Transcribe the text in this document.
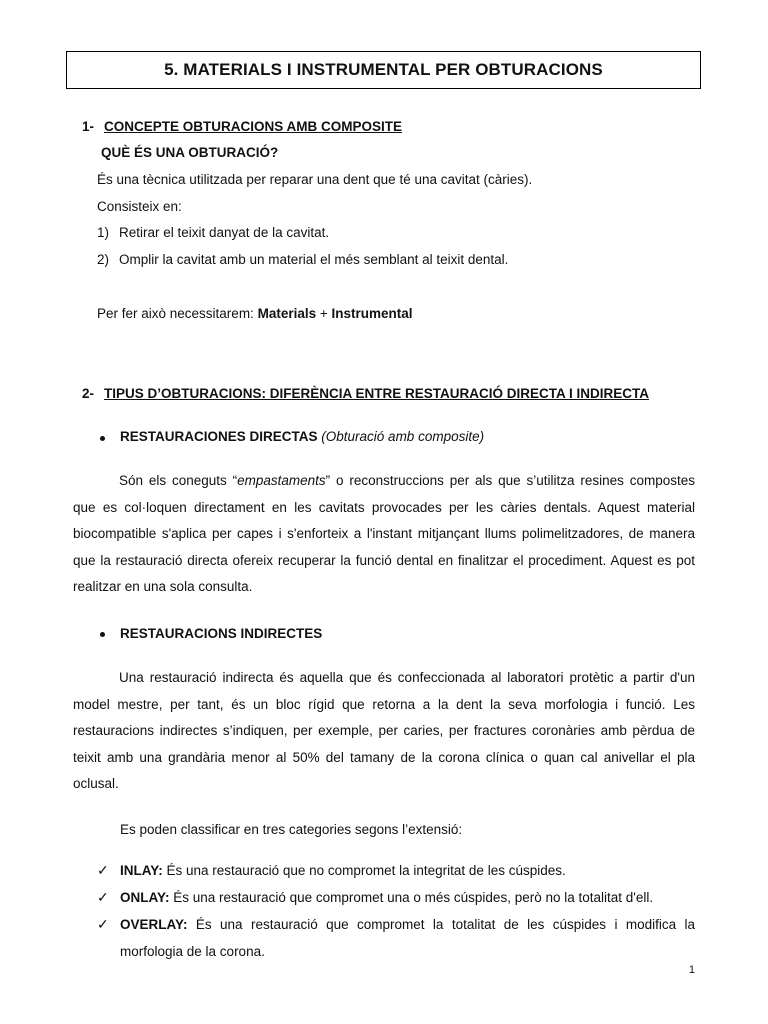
5. MATERIALS I INSTRUMENTAL PER OBTURACIONS
1- CONCEPTE OBTURACIONS AMB COMPOSITE
QUÈ ÉS UNA OBTURACIÓ?
És una tècnica utilitzada per reparar una dent que té una cavitat (càries).
Consisteix en:
1) Retirar el teixit danyat de la cavitat.
2) Omplir la cavitat amb un material el més semblant al teixit dental.
Per fer això necessitarem: Materials + Instrumental
2- TIPUS D’OBTURACIONS: DIFERÈNCIA ENTRE RESTAURACIÓ DIRECTA I INDIRECTA
RESTAURACIONES DIRECTAS (Obturació amb composite)
Són els coneguts “empastaments” o reconstruccions per als que s’utilitza resines compostes que es col·loquen directament en les cavitats provocades per les càries dentals. Aquest material biocompatible s'aplica per capes i s'enforteix a l'instant mitjançant llums polimelitzadores, de manera que la restauració directa ofereix recuperar la funció dental en finalitzar el procediment. Aquest es pot realitzar en una sola consulta.
RESTAURACIONS INDIRECTES
Una restauració indirecta és aquella que és confeccionada al laboratori protètic a partir d'un model mestre, per tant, és un bloc rígid que retorna a la dent la seva morfologia i funció. Les restauracions indirectes s’indiquen, per exemple, per caries, per fractures coronàries amb pèrdua de teixit amb una grandària menor al 50% del tamany de la corona clínica o quan cal anivellar el pla oclusal.
Es poden classificar en tres categories segons l’extensió:
✓ INLAY: És una restauració que no compromet la integritat de les cúspides.
✓ ONLAY: És una restauració que compromet una o més cúspides, però no la totalitat d'ell.
✓ OVERLAY: És una restauració que compromet la totalitat de les cúspides i modifica la morfologia de la corona.
1
